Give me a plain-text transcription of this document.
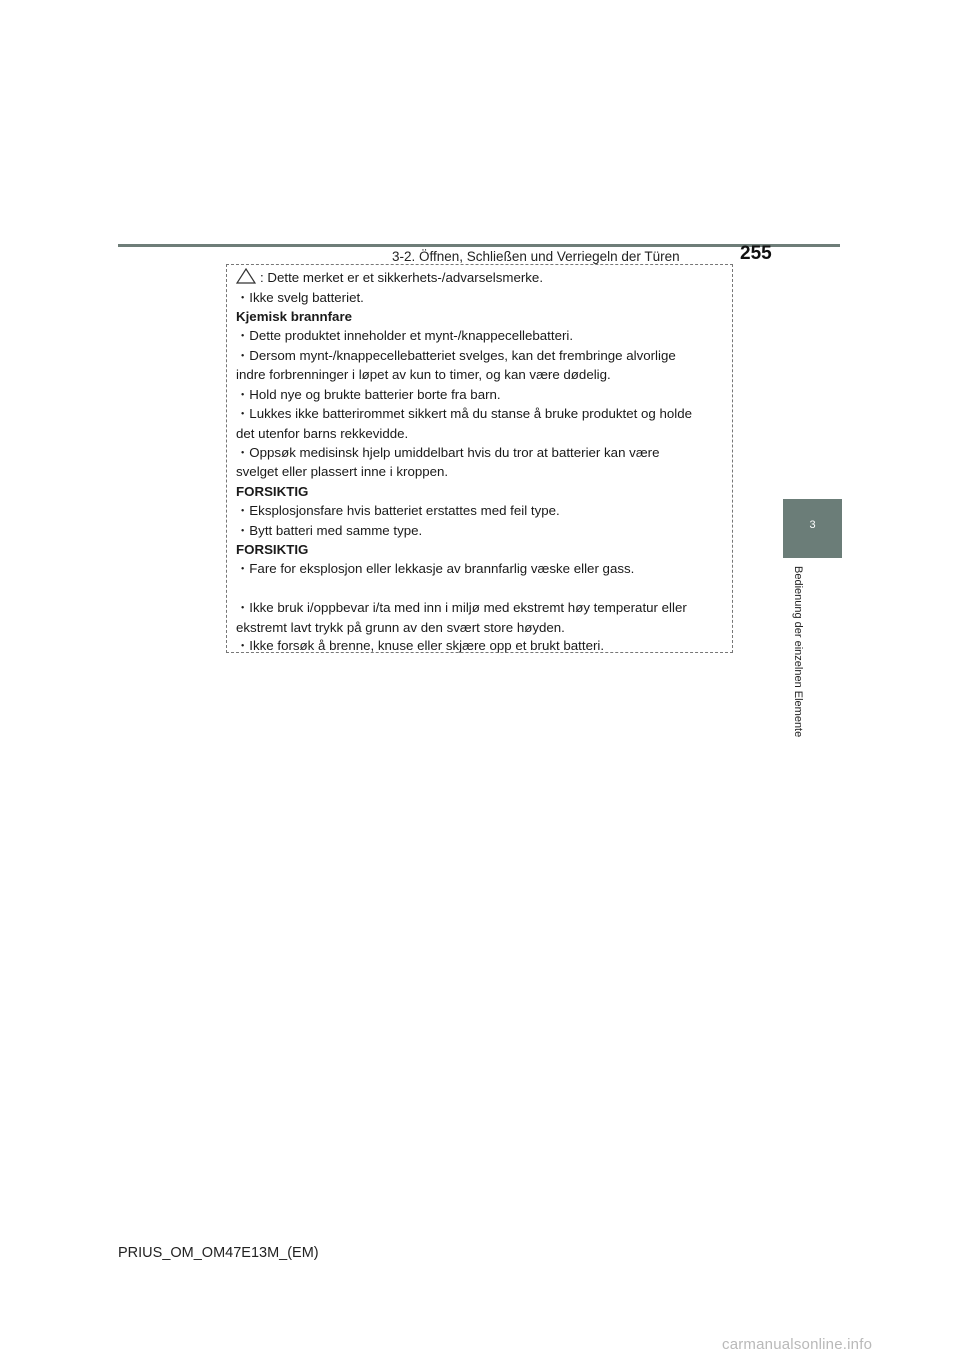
3-2. Öffnen, Schließen und Verriegeln der Türen	255
3
Bedienung der einzelnen Elemente
: Dette merket er et sikkerhets-/advarselsmerke.
・Ikke svelg batteriet.
Kjemisk brannfare
・Dette produktet inneholder et mynt-/knappecellebatteri.
・Dersom mynt-/knappecellebatteriet svelges, kan det frembringe alvorlige
indre forbrenninger i løpet av kun to timer, og kan være dødelig.
・Hold nye og brukte batterier borte fra barn.
・Lukkes ikke batterirommet sikkert må du stanse å bruke produktet og holde
det utenfor barns rekkevidde.
・Oppsøk medisinsk hjelp umiddelbart hvis du tror at batterier kan være
svelget eller plassert inne i kroppen.
FORSIKTIG
・Eksplosjonsfare hvis batteriet erstattes med feil type.
・Bytt batteri med samme type.
FORSIKTIG
・Fare for eksplosjon eller lekkasje av brannfarlig væske eller gass.
・Ikke bruk i/oppbevar i/ta med inn i miljø med ekstremt høy temperatur eller
ekstremt lavt trykk på grunn av den svært store høyden.
・Ikke forsøk å brenne, knuse eller skjære opp et brukt batteri.
PRIUS_OM_OM47E13M_(EM)
carmanualsonline.info
